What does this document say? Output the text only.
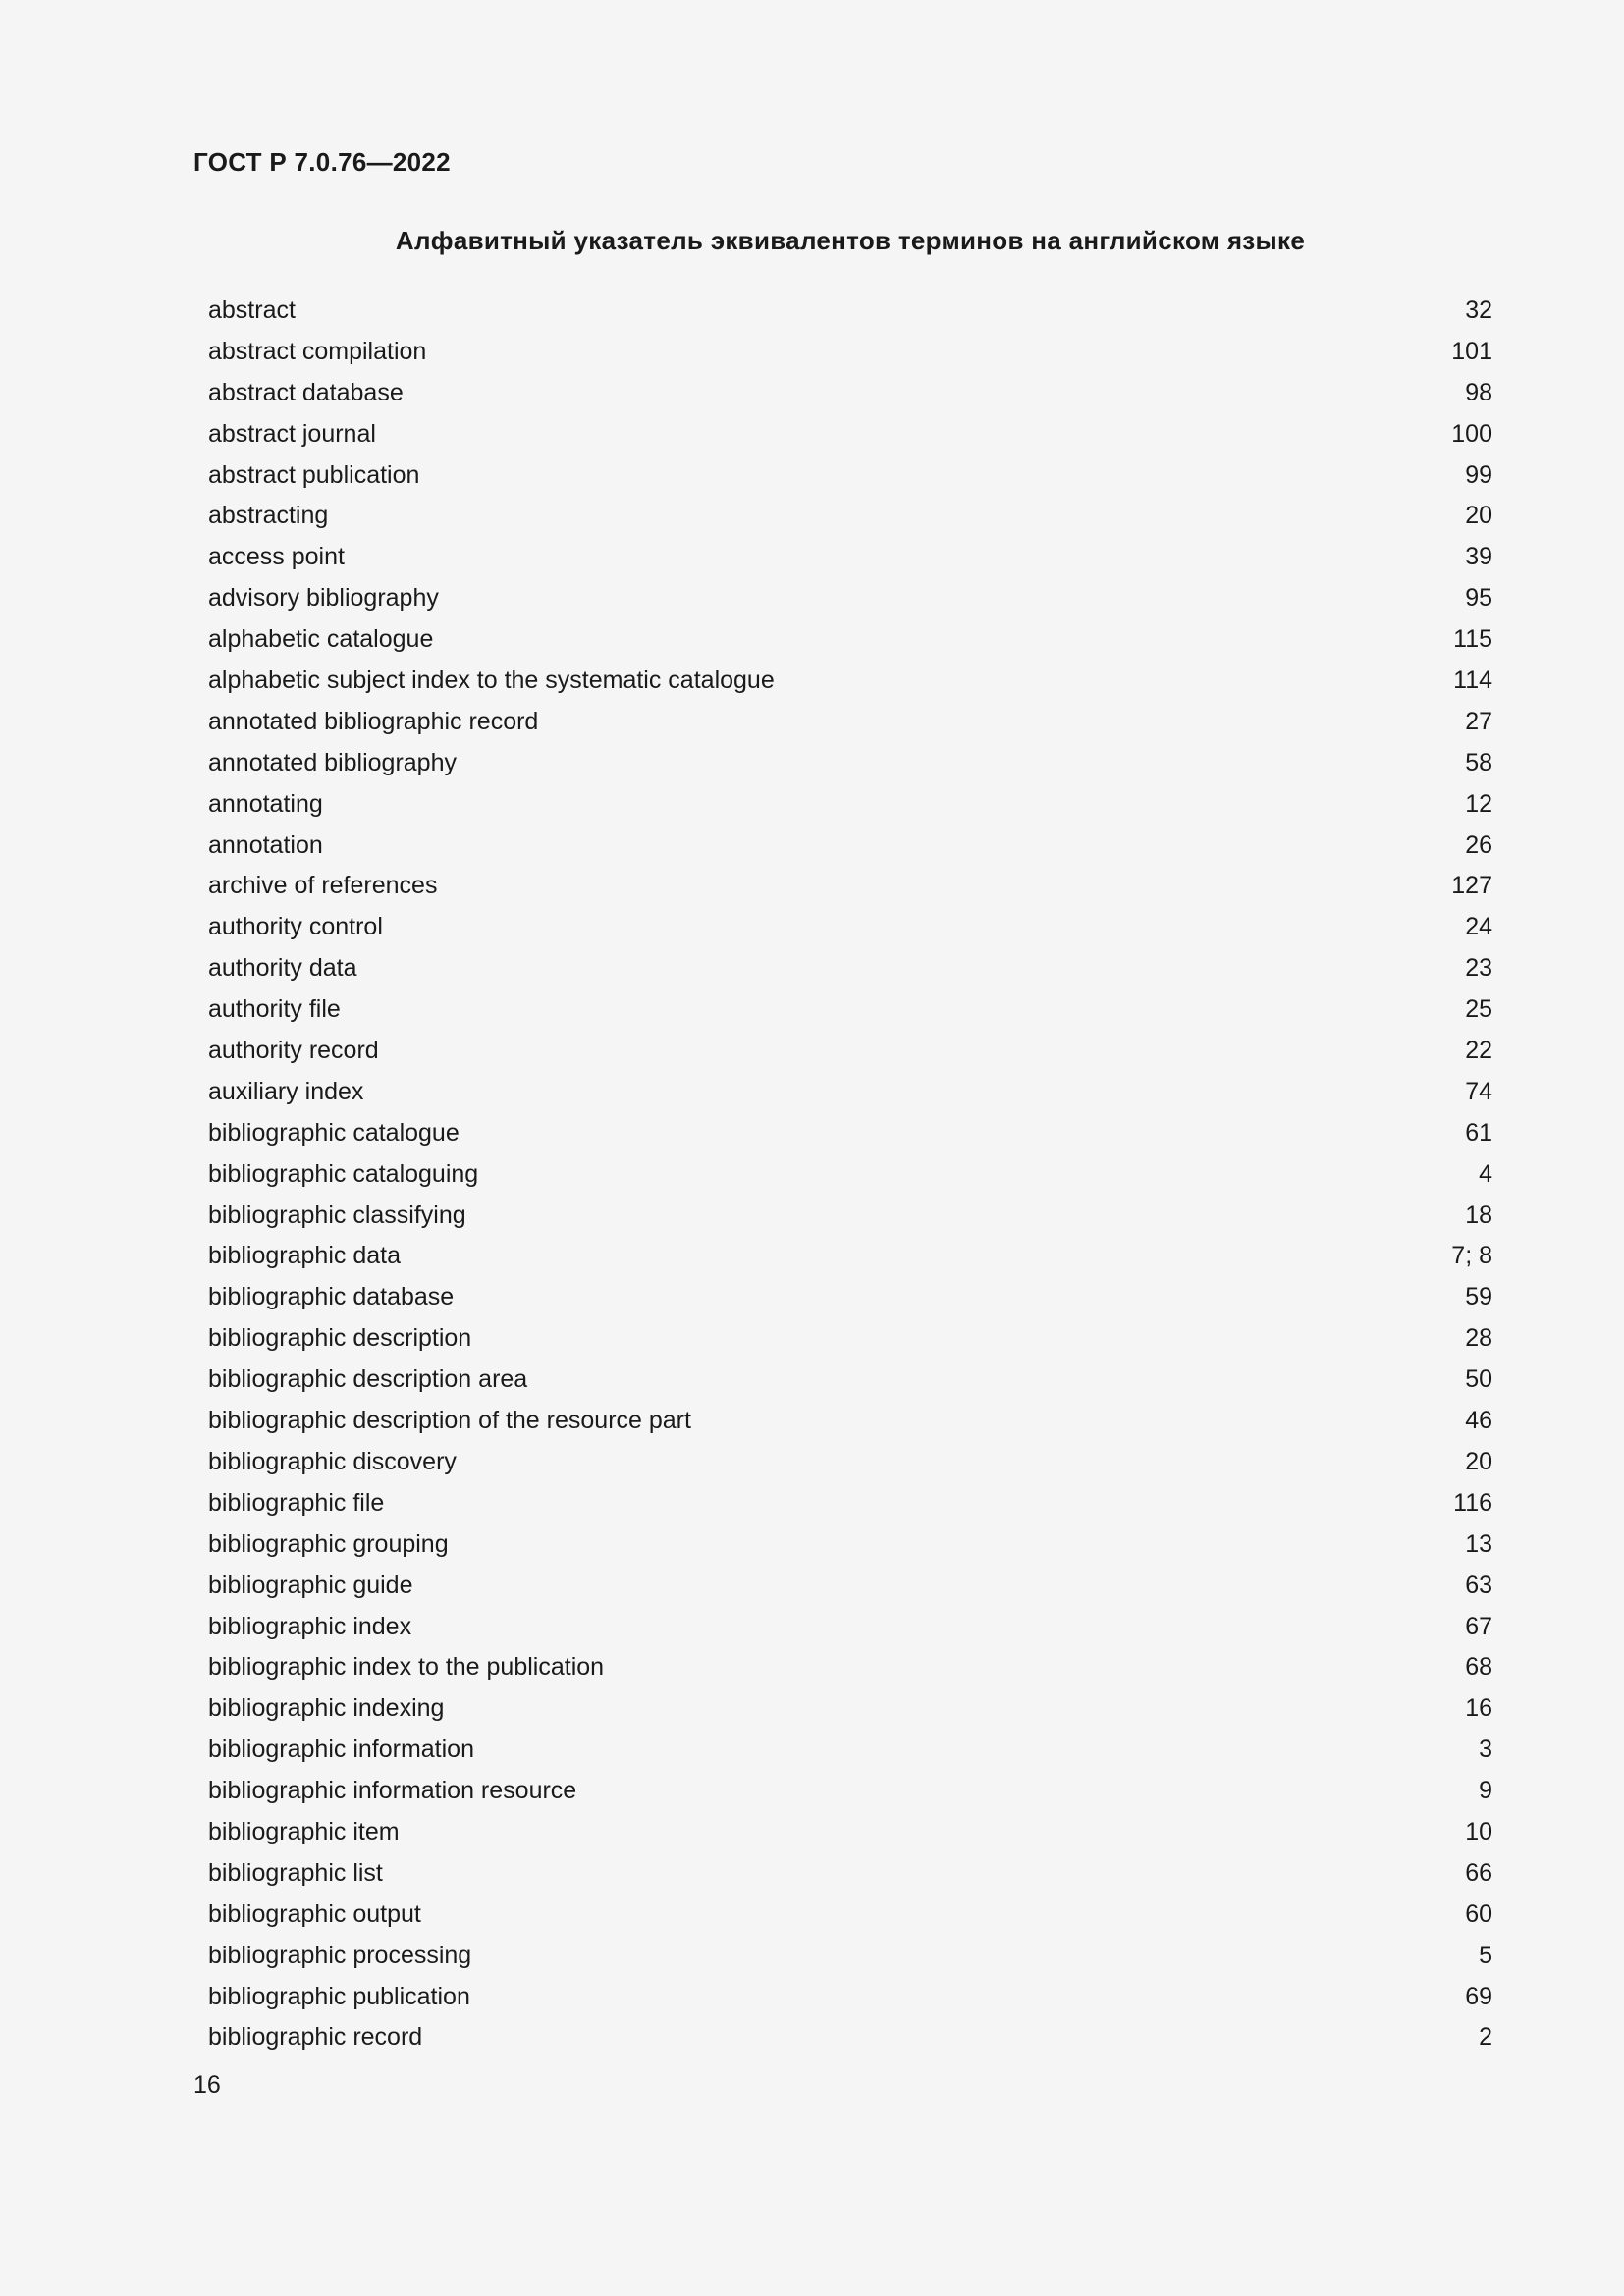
ГОСТ Р 7.0.76—2022

Алфавитный указатель эквивалентов терминов на английском языке
abstract	32
abstract compilation	101
abstract database	98
abstract journal	100
abstract publication	99
abstracting	20
access point	39
advisory bibliography	95
alphabetic catalogue	115
alphabetic subject index to the systematic catalogue	114
annotated bibliographic record	27
annotated bibliography	58
annotating	12
annotation	26
archive of references	127
authority control	24
authority data	23
authority file	25
authority record	22
auxiliary index	74
bibliographic catalogue	61
bibliographic cataloguing	4
bibliographic classifying	18
bibliographic data	7; 8
bibliographic database	59
bibliographic description	28
bibliographic description area	50
bibliographic description of the resource part	46
bibliographic discovery	20
bibliographic file	116
bibliographic grouping	13
bibliographic guide	63
bibliographic index	67
bibliographic index to the publication	68
bibliographic indexing	16
bibliographic information	3
bibliographic information resource	9
bibliographic item	10
bibliographic list	66
bibliographic output	60
bibliographic processing	5
bibliographic publication	69
bibliographic record	2

16
